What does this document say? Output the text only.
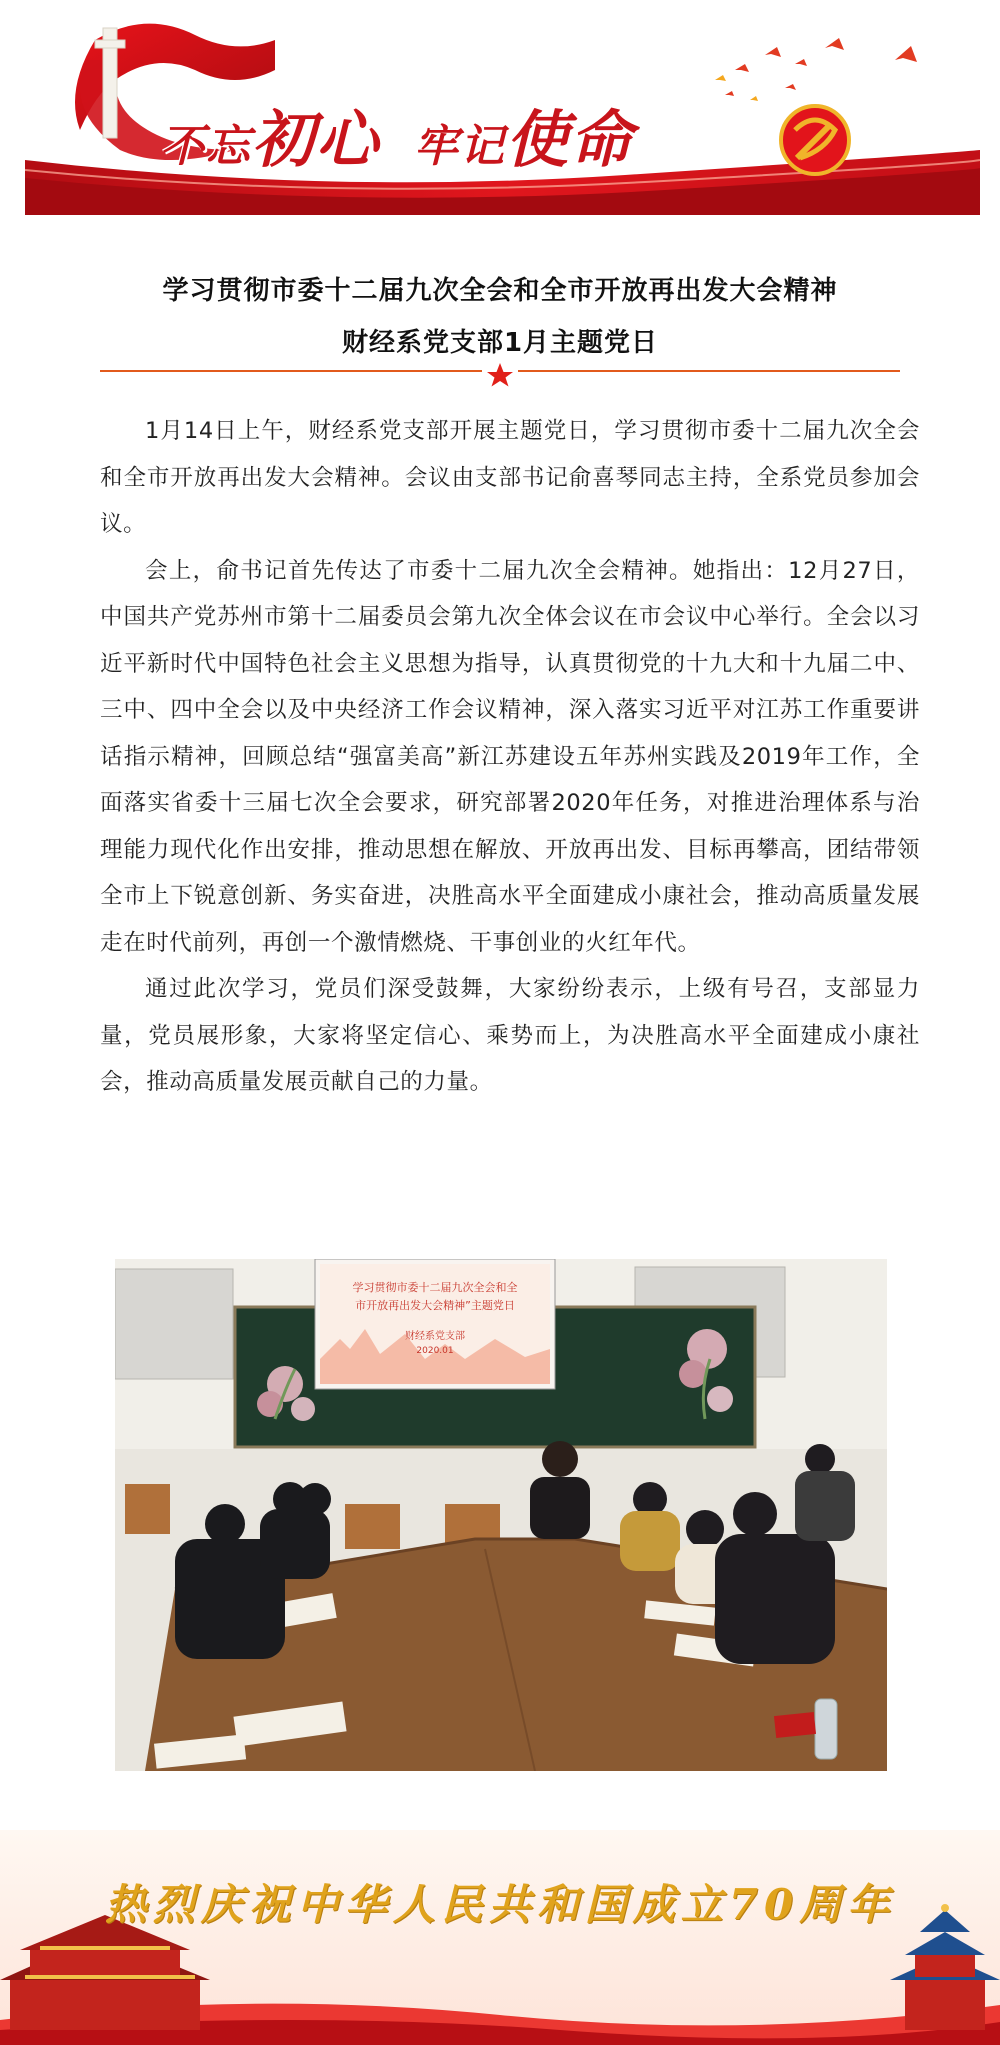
不忘 初心 牢记 使命
学习贯彻市委十二届九次全会和全市开放再出发大会精神
财经系党支部1月主题党日

1月14日上午，财经系党支部开展主题党日，学习贯彻市委十二届九次全会和全市开放再出发大会精神。会议由支部书记俞喜琴同志主持，全系党员参加会议。

会上，俞书记首先传达了市委十二届九次全会精神。她指出：12月27日，中国共产党苏州市第十二届委员会第九次全体会议在市会议中心举行。全会以习近平新时代中国特色社会主义思想为指导，认真贯彻党的十九大和十九届二中、三中、四中全会以及中央经济工作会议精神，深入落实习近平对江苏工作重要讲话指示精神，回顾总结“强富美高”新江苏建设五年苏州实践及2019年工作，全面落实省委十三届七次全会要求，研究部署2020年任务，对推进治理体系与治理能力现代化作出安排，推动思想在解放、开放再出发、目标再攀高，团结带领全市上下锐意创新、务实奋进，决胜高水平全面建成小康社会，推动高质量发展走在时代前列，再创一个激情燃烧、干事创业的火红年代。

通过此次学习，党员们深受鼓舞，大家纷纷表示，上级有号召，支部显力量，党员展形象，大家将坚定信心、乘势而上，为决胜高水平全面建成小康社会，推动高质量发展贡献自己的力量。

学习贯彻市委十二届九次全会和全
市开放再出发大会精神”主题党日
财经系党支部
2020.01
热烈庆祝中华人民共和国成立70周年
